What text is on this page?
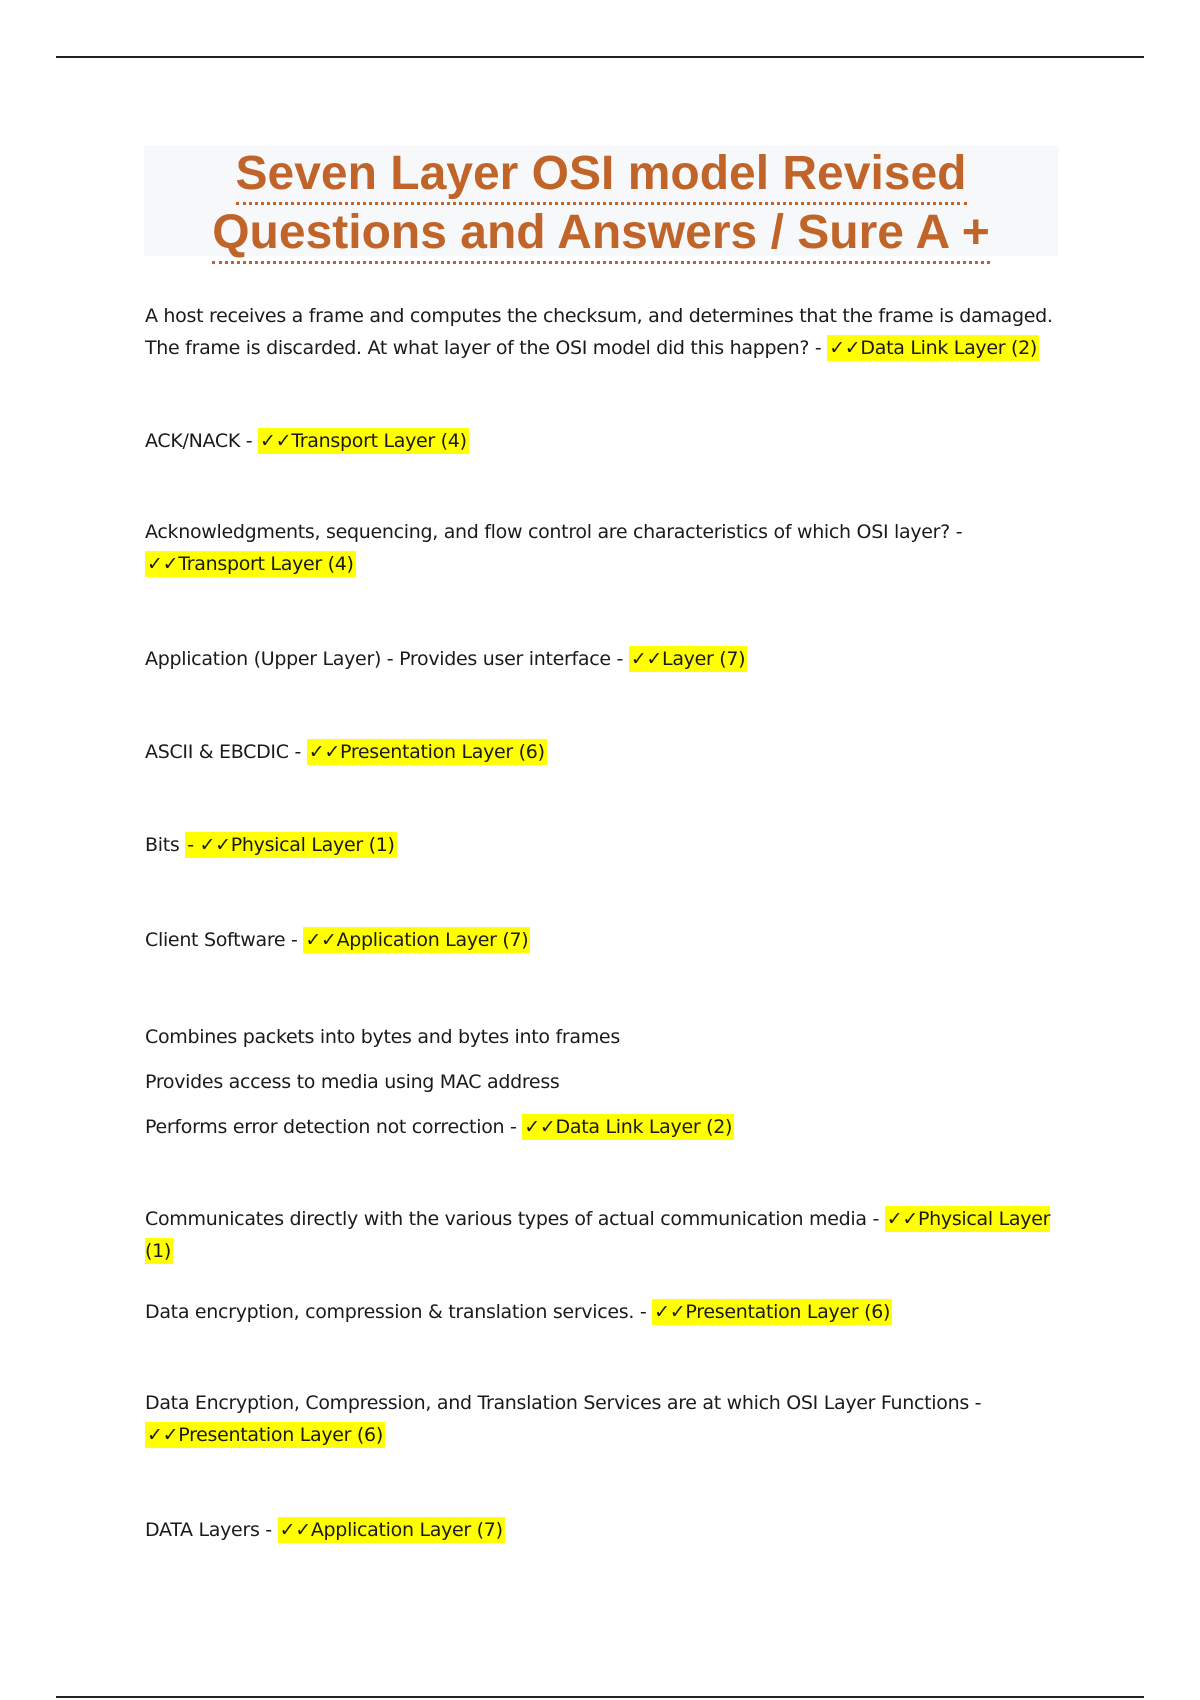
Seven Layer OSI model Revised
Questions and Answers / Sure A +
A host receives a frame and computes the checksum, and determines that the frame is damaged.
The frame is discarded. At what layer of the OSI model did this happen? - ✓✓Data Link Layer (2)
ACK/NACK - ✓✓Transport Layer (4)
Acknowledgments, sequencing, and flow control are characteristics of which OSI layer? -
✓✓Transport Layer (4)
Application (Upper Layer) - Provides user interface - ✓✓Layer (7)
ASCII & EBCDIC - ✓✓Presentation Layer (6)
Bits - ✓✓Physical Layer (1)
Client Software - ✓✓Application Layer (7)
Combines packets into bytes and bytes into frames
Provides access to media using MAC address
Performs error detection not correction - ✓✓Data Link Layer (2)
Communicates directly with the various types of actual communication media - ✓✓Physical Layer (1)
Data encryption, compression & translation services. - ✓✓Presentation Layer (6)
Data Encryption, Compression, and Translation Services are at which OSI Layer Functions -
✓✓Presentation Layer (6)
DATA Layers - ✓✓Application Layer (7)
